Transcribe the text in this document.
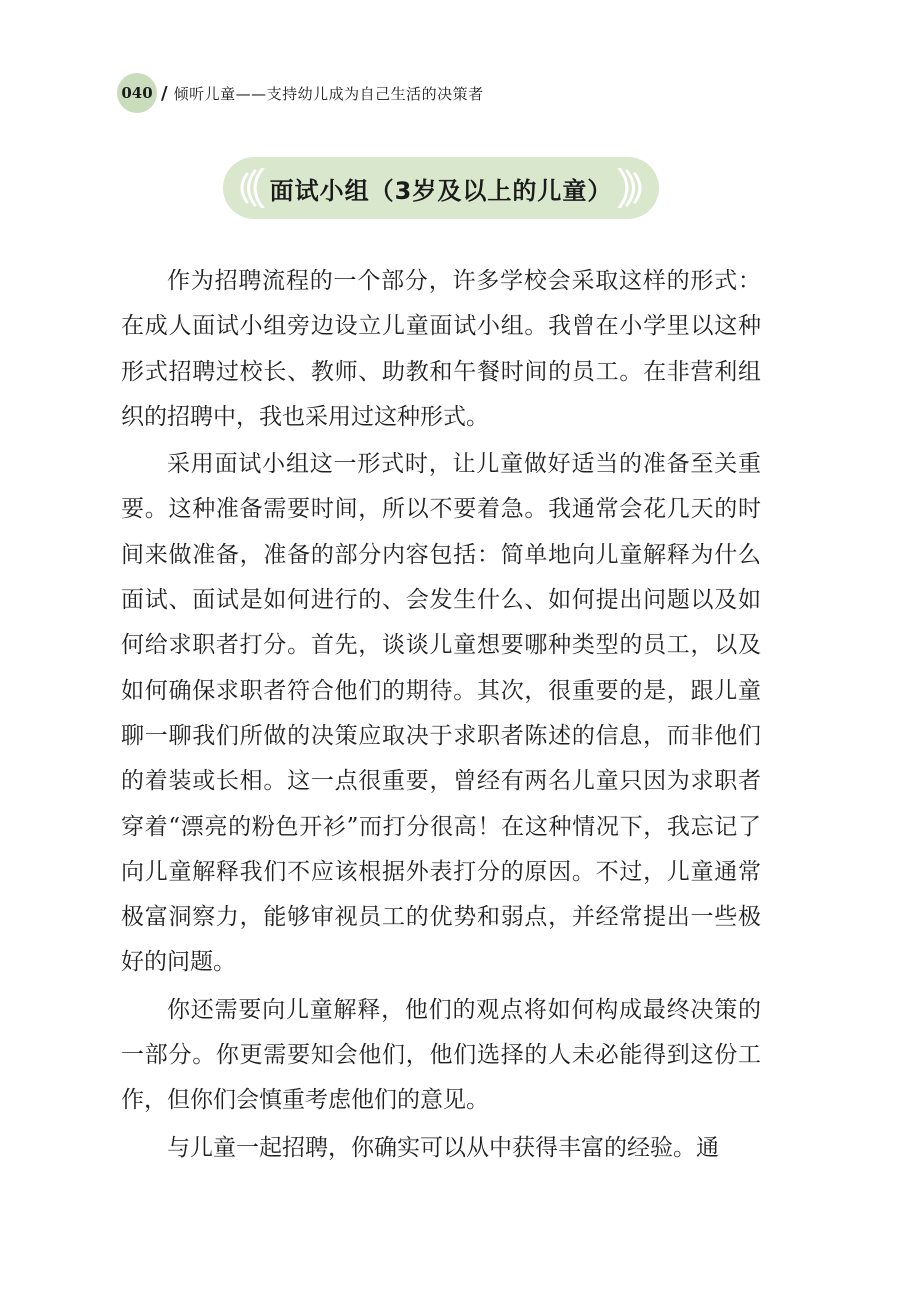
040 / 倾听儿童——支持幼儿成为自己生活的决策者
面试小组（3岁及以上的儿童）

作为招聘流程的一个部分，许多学校会采取这样的形式：在成人面试小组旁边设立儿童面试小组。我曾在小学里以这种形式招聘过校长、教师、助教和午餐时间的员工。在非营利组织的招聘中，我也采用过这种形式。

采用面试小组这一形式时，让儿童做好适当的准备至关重要。这种准备需要时间，所以不要着急。我通常会花几天的时间来做准备，准备的部分内容包括：简单地向儿童解释为什么面试、面试是如何进行的、会发生什么、如何提出问题以及如何给求职者打分。首先，谈谈儿童想要哪种类型的员工，以及如何确保求职者符合他们的期待。其次，很重要的是，跟儿童聊一聊我们所做的决策应取决于求职者陈述的信息，而非他们的着装或长相。这一点很重要，曾经有两名儿童只因为求职者穿着“漂亮的粉色开衫”而打分很高！在这种情况下，我忘记了向儿童解释我们不应该根据外表打分的原因。不过，儿童通常极富洞察力，能够审视员工的优势和弱点，并经常提出一些极好的问题。

你还需要向儿童解释，他们的观点将如何构成最终决策的一部分。你更需要知会他们，他们选择的人未必能得到这份工作，但你们会慎重考虑他们的意见。

与儿童一起招聘，你确实可以从中获得丰富的经验。通
